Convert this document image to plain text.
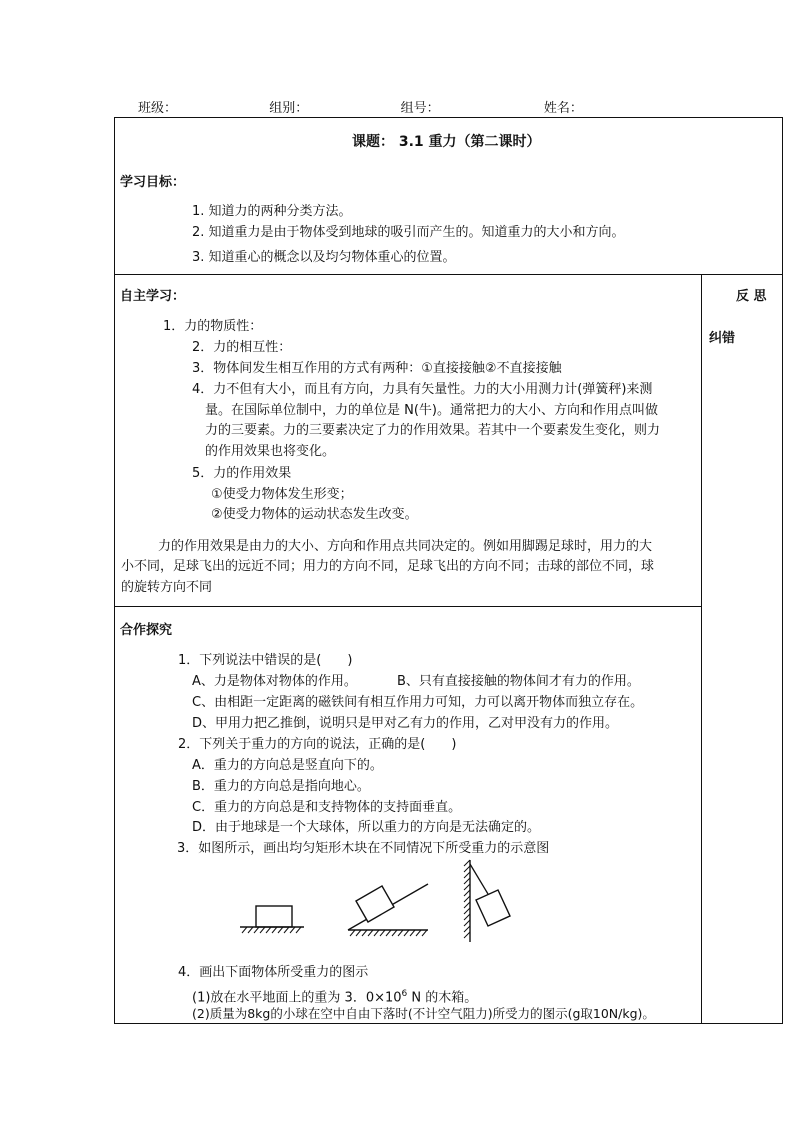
班级：	组别：	组号：	姓名：
课题： 3.1 重力（第二课时）
学习目标：
1. 知道力的两种分类方法。
2. 知道重力是由于物体受到地球的吸引而产生的。知道重力的大小和方向。
3. 知道重心的概念以及均匀物体重心的位置。
反 思
纠错
自主学习：
1．力的物质性：
2．力的相互性：
3．物体间发生相互作用的方式有两种：①直接接触②不直接接触
4．力不但有大小，而且有方向，力具有矢量性。力的大小用测力计(弹簧秤)来测
量。在国际单位制中，力的单位是 N(牛)。通常把力的大小、方向和作用点叫做
力的三要素。力的三要素决定了力的作用效果。若其中一个要素发生变化，则力
的作用效果也将变化。
5．力的作用效果
①使受力物体发生形变；
②使受力物体的运动状态发生改变。
力的作用效果是由力的大小、方向和作用点共同决定的。例如用脚踢足球时，用力的大
小不同，足球飞出的远近不同；用力的方向不同，足球飞出的方向不同；击球的部位不同，球
的旋转方向不同
合作探究
1．下列说法中错误的是(　　)
A、力是物体对物体的作用。	B、只有直接接触的物体间才有力的作用。
C、由相距一定距离的磁铁间有相互作用力可知，力可以离开物体而独立存在。
D、甲用力把乙推倒，说明只是甲对乙有力的作用，乙对甲没有力的作用。
2．下列关于重力的方向的说法，正确的是(　　)
A．重力的方向总是竖直向下的。
B．重力的方向总是指向地心。
C．重力的方向总是和支持物体的支持面垂直。
D．由于地球是一个大球体，所以重力的方向是无法确定的。
3．如图所示，画出均匀矩形木块在不同情况下所受重力的示意图
4．画出下面物体所受重力的图示
(1)放在水平地面上的重为 3．$0\times 10^6$ N 的木箱。
(2)质量为8kg的小球在空中自由下落时(不计空气阻力)所受力的图示(g取10N/kg)。
